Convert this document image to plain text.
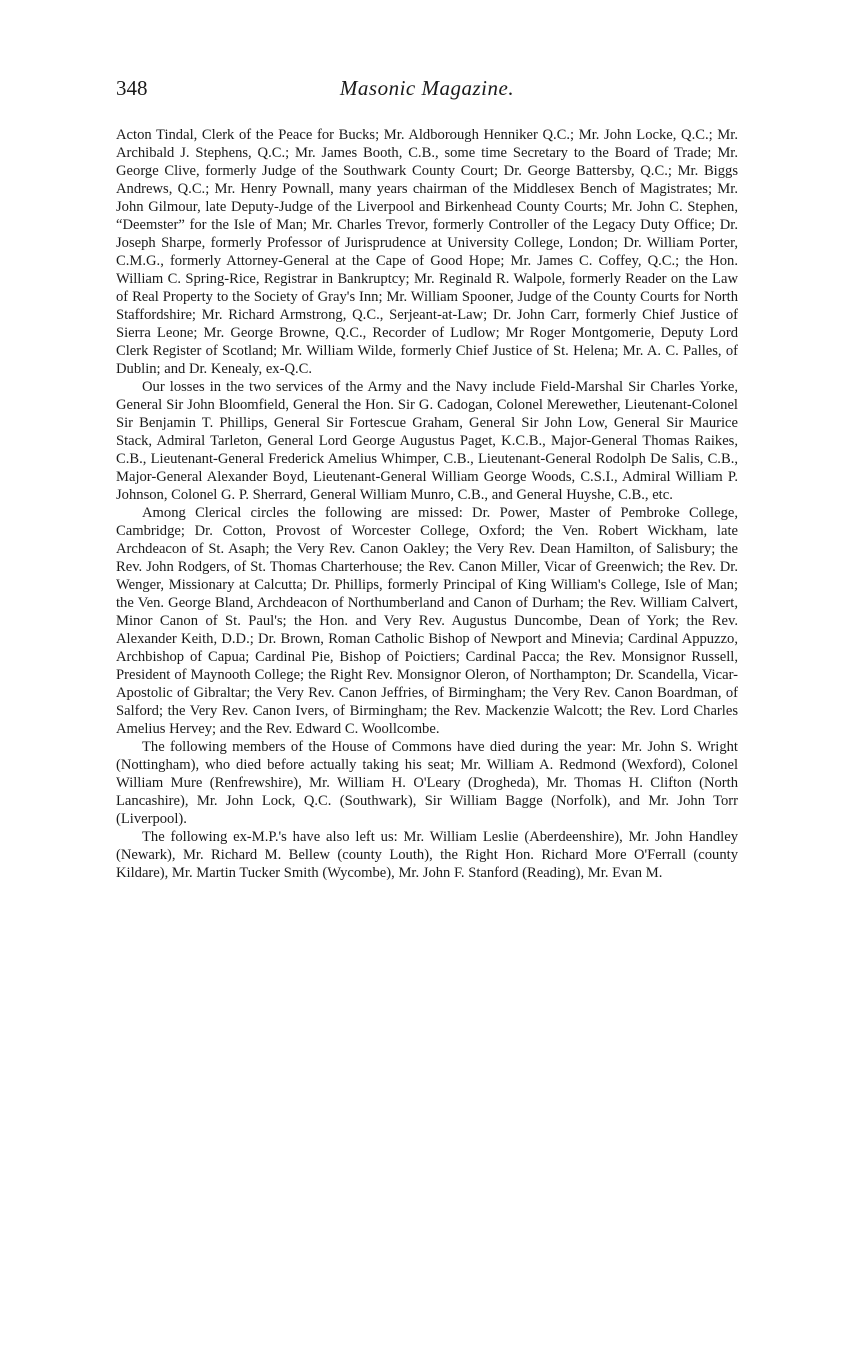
348	Masonic Magazine.

Acton Tindal, Clerk of the Peace for Bucks; Mr. Aldborough Henniker Q.C.; Mr. John Locke, Q.C.; Mr. Archibald J. Stephens, Q.C.; Mr. James Booth, C.B., some time Secretary to the Board of Trade; Mr. George Clive, formerly Judge of the Southwark County Court; Dr. George Battersby, Q.C.; Mr. Biggs Andrews, Q.C.; Mr. Henry Pownall, many years chairman of the Middlesex Bench of Magistrates; Mr. John Gilmour, late Deputy-Judge of the Liverpool and Birkenhead County Courts; Mr. John C. Stephen, “Deemster” for the Isle of Man; Mr. Charles Trevor, formerly Controller of the Legacy Duty Office; Dr. Joseph Sharpe, formerly Professor of Jurisprudence at University College, London; Dr. William Porter, C.M.G., formerly Attorney-General at the Cape of Good Hope; Mr. James C. Coffey, Q.C.; the Hon. William C. Spring-Rice, Registrar in Bankruptcy; Mr. Reginald R. Walpole, formerly Reader on the Law of Real Property to the Society of Gray's Inn; Mr. William Spooner, Judge of the County Courts for North Staffordshire; Mr. Richard Armstrong, Q.C., Serjeant-at-Law; Dr. John Carr, formerly Chief Justice of Sierra Leone; Mr. George Browne, Q.C., Recorder of Ludlow; Mr Roger Montgomerie, Deputy Lord Clerk Register of Scotland; Mr. William Wilde, formerly Chief Justice of St. Helena; Mr. A. C. Palles, of Dublin; and Dr. Kenealy, ex-Q.C.

Our losses in the two services of the Army and the Navy include Field-Marshal Sir Charles Yorke, General Sir John Bloomfield, General the Hon. Sir G. Cadogan, Colonel Merewether, Lieutenant-Colonel Sir Benjamin T. Phillips, General Sir Fortescue Graham, General Sir John Low, General Sir Maurice Stack, Admiral Tarleton, General Lord George Augustus Paget, K.C.B., Major-General Thomas Raikes, C.B., Lieutenant-General Frederick Amelius Whimper, C.B., Lieutenant-General Rodolph De Salis, C.B., Major-General Alexander Boyd, Lieutenant-General William George Woods, C.S.I., Admiral William P. Johnson, Colonel G. P. Sherrard, General William Munro, C.B., and General Huyshe, C.B., etc.

Among Clerical circles the following are missed: Dr. Power, Master of Pembroke College, Cambridge; Dr. Cotton, Provost of Worcester College, Oxford; the Ven. Robert Wickham, late Archdeacon of St. Asaph; the Very Rev. Canon Oakley; the Very Rev. Dean Hamilton, of Salisbury; the Rev. John Rodgers, of St. Thomas Charterhouse; the Rev. Canon Miller, Vicar of Greenwich; the Rev. Dr. Wenger, Missionary at Calcutta; Dr. Phillips, formerly Principal of King William's College, Isle of Man; the Ven. George Bland, Archdeacon of Northumberland and Canon of Durham; the Rev. William Calvert, Minor Canon of St. Paul's; the Hon. and Very Rev. Augustus Duncombe, Dean of York; the Rev. Alexander Keith, D.D.; Dr. Brown, Roman Catholic Bishop of Newport and Minevia; Cardinal Appuzzo, Archbishop of Capua; Cardinal Pie, Bishop of Poictiers; Cardinal Pacca; the Rev. Monsignor Russell, President of Maynooth College; the Right Rev. Monsignor Oleron, of Northampton; Dr. Scandella, Vicar-Apostolic of Gibraltar; the Very Rev. Canon Jeffries, of Birmingham; the Very Rev. Canon Boardman, of Salford; the Very Rev. Canon Ivers, of Birmingham; the Rev. Mackenzie Walcott; the Rev. Lord Charles Amelius Hervey; and the Rev. Edward C. Woollcombe.

The following members of the House of Commons have died during the year: Mr. John S. Wright (Nottingham), who died before actually taking his seat; Mr. William A. Redmond (Wexford), Colonel William Mure (Renfrewshire), Mr. William H. O'Leary (Drogheda), Mr. Thomas H. Clifton (North Lancashire), Mr. John Lock, Q.C. (Southwark), Sir William Bagge (Norfolk), and Mr. John Torr (Liverpool).

The following ex-M.P.'s have also left us: Mr. William Leslie (Aberdeenshire), Mr. John Handley (Newark), Mr. Richard M. Bellew (county Louth), the Right Hon. Richard More O'Ferrall (county Kildare), Mr. Martin Tucker Smith (Wycombe), Mr. John F. Stanford (Reading), Mr. Evan M.
